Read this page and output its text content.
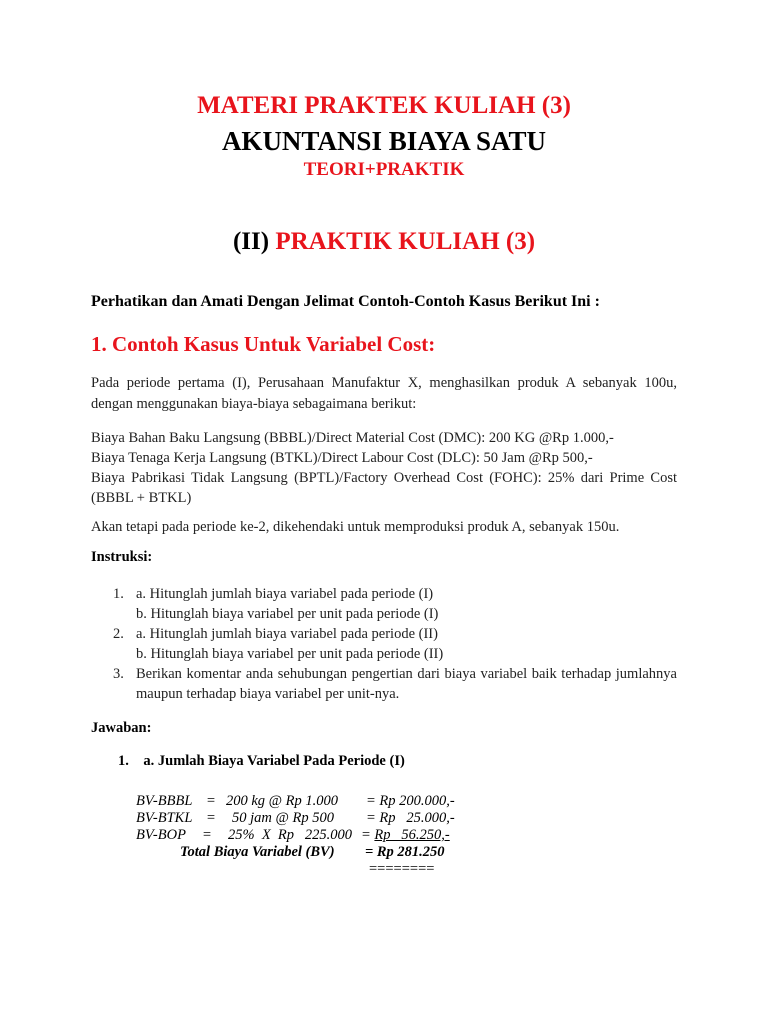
MATERI PRAKTEK KULIAH (3)
AKUNTANSI BIAYA SATU
TEORI+PRAKTIK
(II) PRAKTIK KULIAH (3)
Perhatikan dan Amati Dengan Jelimat Contoh-Contoh Kasus Berikut Ini :
1. Contoh Kasus Untuk Variabel Cost:
Pada periode pertama (I), Perusahaan Manufaktur X, menghasilkan produk A sebanyak 100u, dengan menggunakan biaya-biaya sebagaimana berikut:
Biaya Bahan Baku Langsung (BBBL)/Direct Material Cost (DMC): 200 KG @Rp 1.000,-
Biaya Tenaga Kerja Langsung (BTKL)/Direct Labour Cost (DLC): 50 Jam @Rp 500,-
Biaya Pabrikasi Tidak Langsung (BPTL)/Factory Overhead Cost (FOHC): 25% dari Prime Cost (BBBL + BTKL)
Akan tetapi pada periode ke-2, dikehendaki untuk memproduksi produk A, sebanyak 150u.
Instruksi:
1. a. Hitunglah jumlah biaya variabel pada periode (I)
b. Hitunglah biaya variabel per unit pada periode (I)
2. a. Hitunglah jumlah biaya variabel pada periode (II)
b. Hitunglah biaya variabel per unit pada periode (II)
3. Berikan komentar anda sehubungan pengertian dari biaya variabel baik terhadap jumlahnya maupun terhadap biaya variabel per unit-nya.
Jawaban:
1.    a. Jumlah Biaya Variabel Pada Periode (I)
BV-BBBL = 200 kg @ Rp 1.000 = Rp 200.000,-
BV-BTKL = 50 jam @ Rp 500 = Rp   25.000,-
BV-BOP = 25%  X  Rp   225.000 = Rp   56.250,-
Total Biaya Variabel (BV) = Rp 281.250
========
